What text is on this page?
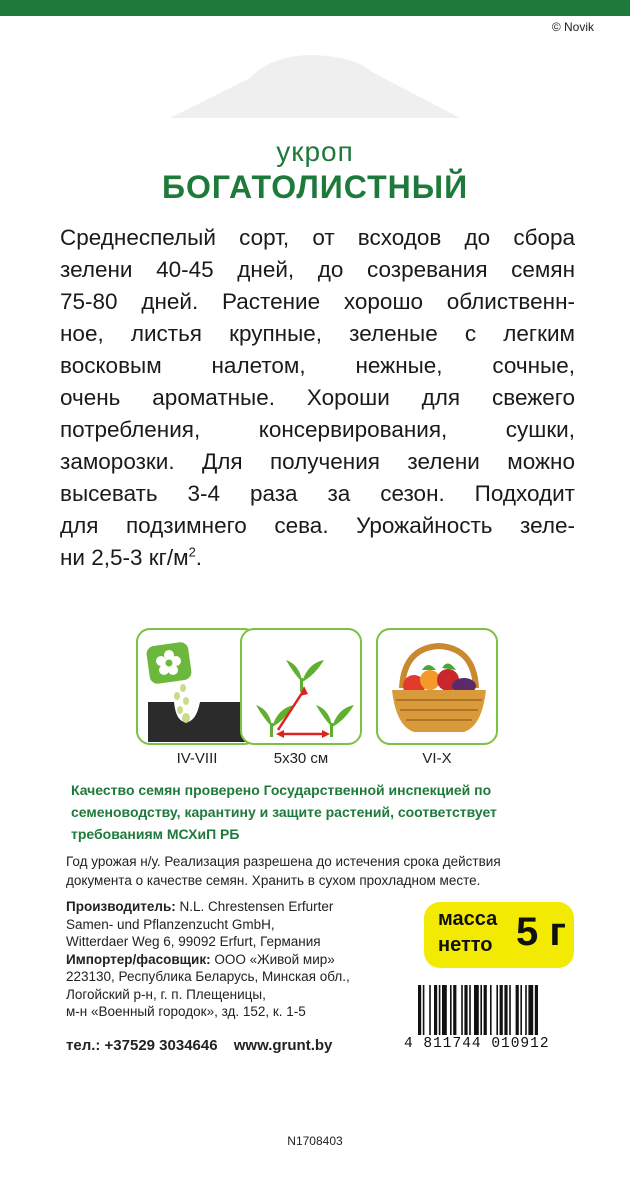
© Novik
укроп
БОГАТОЛИСТНЫЙ
Среднеспелый сорт, от всходов до сбора
зелени 40-45 дней, до созревания семян
75-80 дней. Растение хорошо облиственн-
ное, листья крупные, зеленые с легким
восковым налетом, нежные, сочные,
очень ароматные. Хороши для свежего
потребления, консервирования, сушки,
заморозки. Для получения зелени можно
высевать 3-4 раза за сезон. Подходит
для подзимнего сева. Урожайность зеле-
ни 2,5-3 $кг/м^2$.
IV-VIII	5х30 см	VI-X
Качество семян проверено Государственной инспекцией по
семеноводству, карантину и защите растений, соответствует
требованиям МСХиП РБ
Год урожая н/у. Реализация разрешена до истечения срока действия
документа о качестве семян. Хранить в сухом прохладном месте.
Производитель: N.L. Chrestensen Erfurter
Samen- und Pflanzenzucht GmbH,
Witterdaer Weg 6, 99092 Erfurt, Германия
Импортер/фасовщик: ООО «Живой мир»
223130, Республика Беларусь, Минская обл.,
Логойский р-н, г. п. Плещеницы,
м-н «Военный городок», зд. 152, к. 1-5
тел.: +37529 3034646 www.grunt.by
масса
нетто 5 г
4 811744 010912
N1708403
